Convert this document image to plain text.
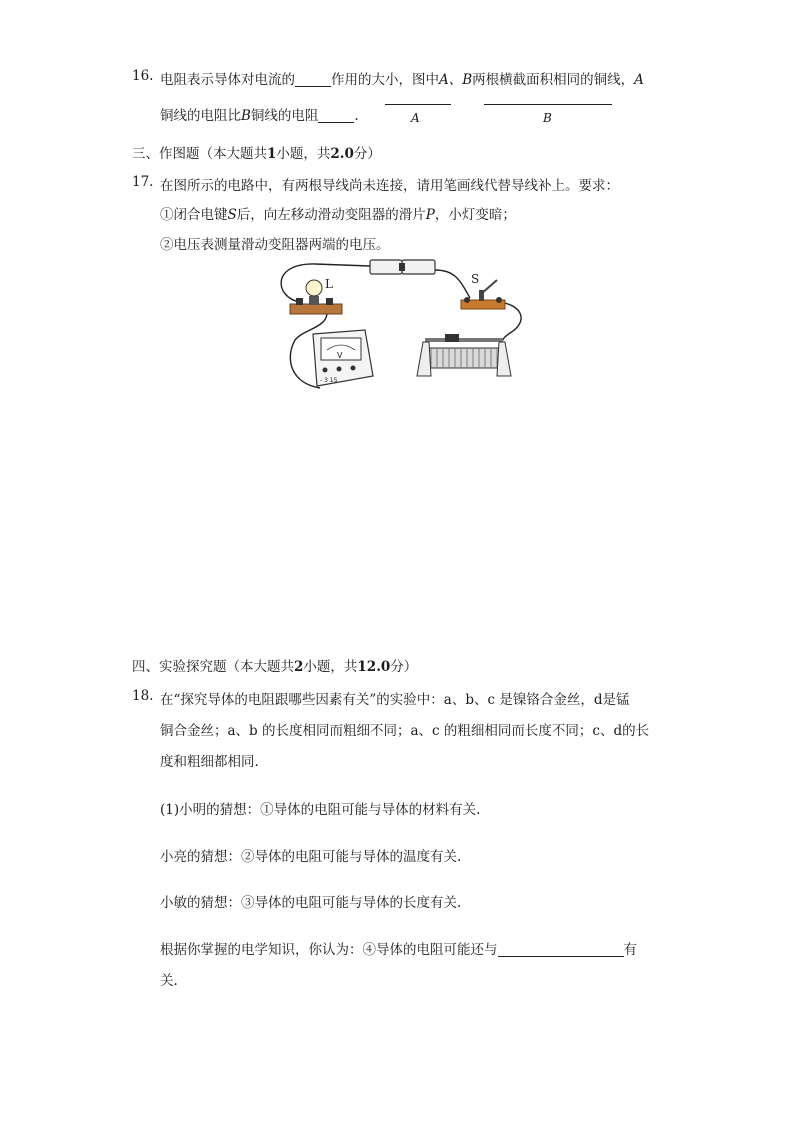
16. 电阻表示导体对电流的	作用的大小，图中A、B两根横截面积相同的铜线，A
铜线的电阻比B铜线的电阻	.	A	B
三、作图题（本大题共1小题，共2.0分）
17. 在图所示的电路中，有两根导线尚未连接，请用笔画线代替导线补上。要求：
①闭合电键S后，向左移动滑动变阻器的滑片P，小灯变暗；
②电压表测量滑动变阻器两端的电压。
L	S
V
- 3 15
四、实验探究题（本大题共2小题，共12.0分）
18. 在“探究导体的电阻跟哪些因素有关”的实验中：a、b、c 是镍铬合金丝，d是锰
铜合金丝；a、b 的长度相同而粗细不同；a、c 的粗细相同而长度不同；c、d的长
度和粗细都相同.
(1)小明的猜想：①导体的电阻可能与导体的材料有关.
小亮的猜想：②导体的电阻可能与导体的温度有关.
小敏的猜想：③导体的电阻可能与导体的长度有关.
根据你掌握的电学知识，你认为：④导体的电阻可能还与	有
关.
